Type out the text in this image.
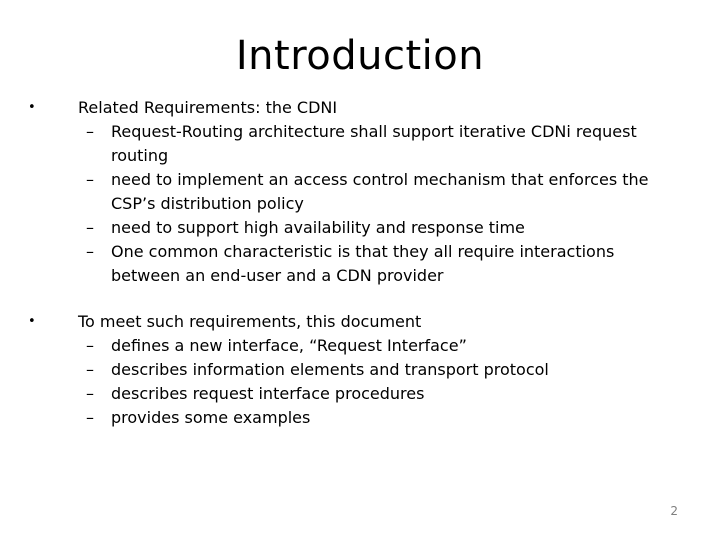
Introduction
•	Related Requirements: the CDNI
–	Request-Routing architecture shall support iterative CDNi request routing
–	need to implement an access control mechanism that enforces the CSP’s distribution policy
–	need to support high availability and response time
–	One common characteristic is that they all require interactions between an end-user and a CDN provider
•	To meet such requirements, this document
–	defines a new interface, “Request Interface”
–	describes information elements and transport protocol
–	describes request interface procedures
–	provides some examples
2
